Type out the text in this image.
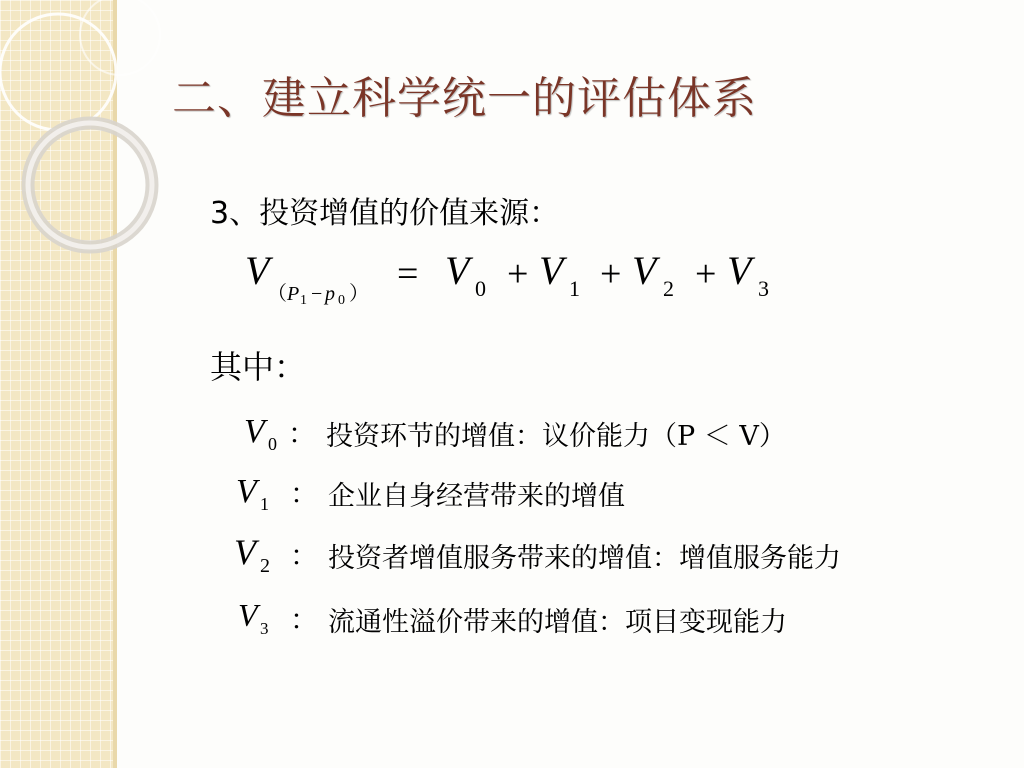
二、建立科学统一的评估体系
3、投资增值的价值来源：
V
（ P 1 − p 0 ） = V 0 + V 1 + V 2 + V 3
其中：
V 0 ： 投资环节的增值：议价能力（P ＜ V）
V 1 ： 企业自身经营带来的增值
V 2 ： 投资者增值服务带来的增值：增值服务能力
V 3 ： 流通性溢价带来的增值：项目变现能力
